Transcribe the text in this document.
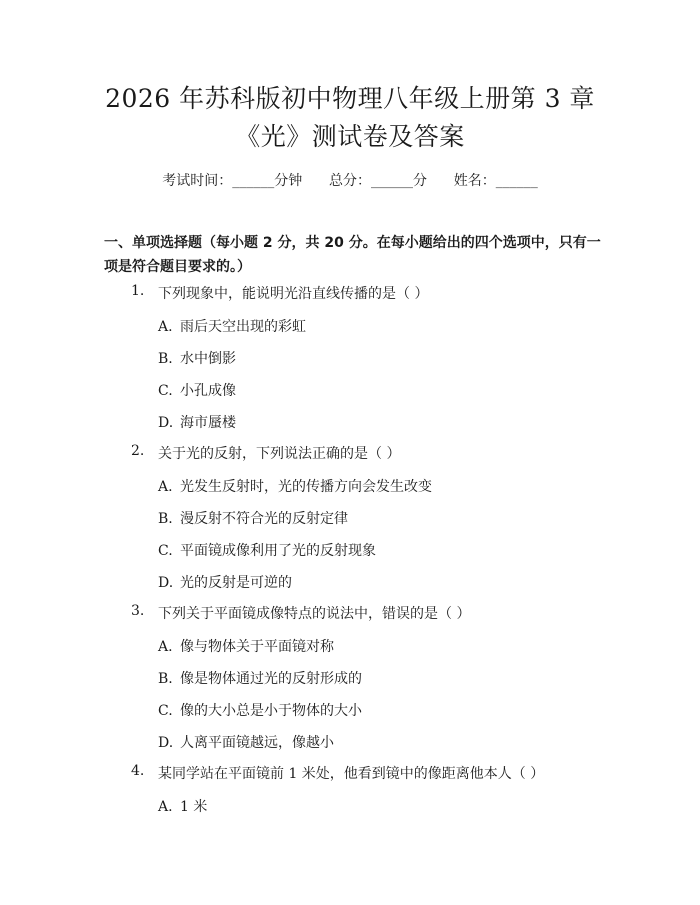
2026 年苏科版初中物理八年级上册第 3 章
《光》测试卷及答案
考试时间：______分钟      总分：______分      姓名：______
一、单项选择题（每小题 2 分，共 20 分。在每小题给出的四个选项中，只有一项是符合题目要求的。）
1. 下列现象中，能说明光沿直线传播的是（ ）
A. 雨后天空出现的彩虹
B. 水中倒影
C. 小孔成像
D. 海市蜃楼
2. 关于光的反射，下列说法正确的是（ ）
A. 光发生反射时，光的传播方向会发生改变
B. 漫反射不符合光的反射定律
C. 平面镜成像利用了光的反射现象
D. 光的反射是可逆的
3. 下列关于平面镜成像特点的说法中，错误的是（ ）
A. 像与物体关于平面镜对称
B. 像是物体通过光的反射形成的
C. 像的大小总是小于物体的大小
D. 人离平面镜越远，像越小
4. 某同学站在平面镜前 1 米处，他看到镜中的像距离他本人（ ）
A. 1 米
